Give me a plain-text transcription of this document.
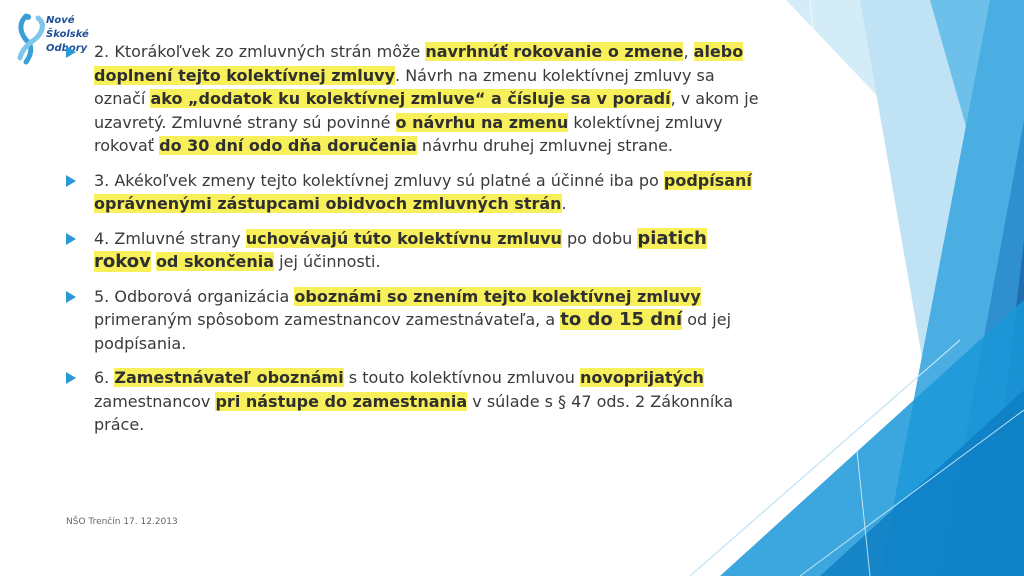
Nové
Školské
Odbory 2. Ktorákoľvek zo zmluvných strán môže navrhnúť rokovanie o zmene, alebo doplnení tejto kolektívnej zmluvy. Návrh na zmenu kolektívnej zmluvy sa označí ako „dodatok ku kolektívnej zmluve“ a čísluje sa v poradí, v akom je uzavretý. Zmluvné strany sú povinné o návrhu na zmenu kolektívnej zmluvy rokovať do 30 dní odo dňa doručenia návrhu druhej zmluvnej strane.
3. Akékoľvek zmeny tejto kolektívnej zmluvy sú platné a účinné iba po podpísaní oprávnenými zástupcami obidvoch zmluvných strán.
4. Zmluvné strany uchovávajú túto kolektívnu zmluvu po dobu piatich rokov od skončenia jej účinnosti.
5. Odborová organizácia oboznámi so znením tejto kolektívnej zmluvy primeraným spôsobom zamestnancov zamestnávateľa, a to do 15 dní od jej podpísania.
6. Zamestnávateľ oboznámi s touto kolektívnou zmluvou novoprijatých zamestnancov pri nástupe do zamestnania v súlade s § 47 ods. 2 Zákonníka práce.
NŠO Trenčín 17. 12.2013
